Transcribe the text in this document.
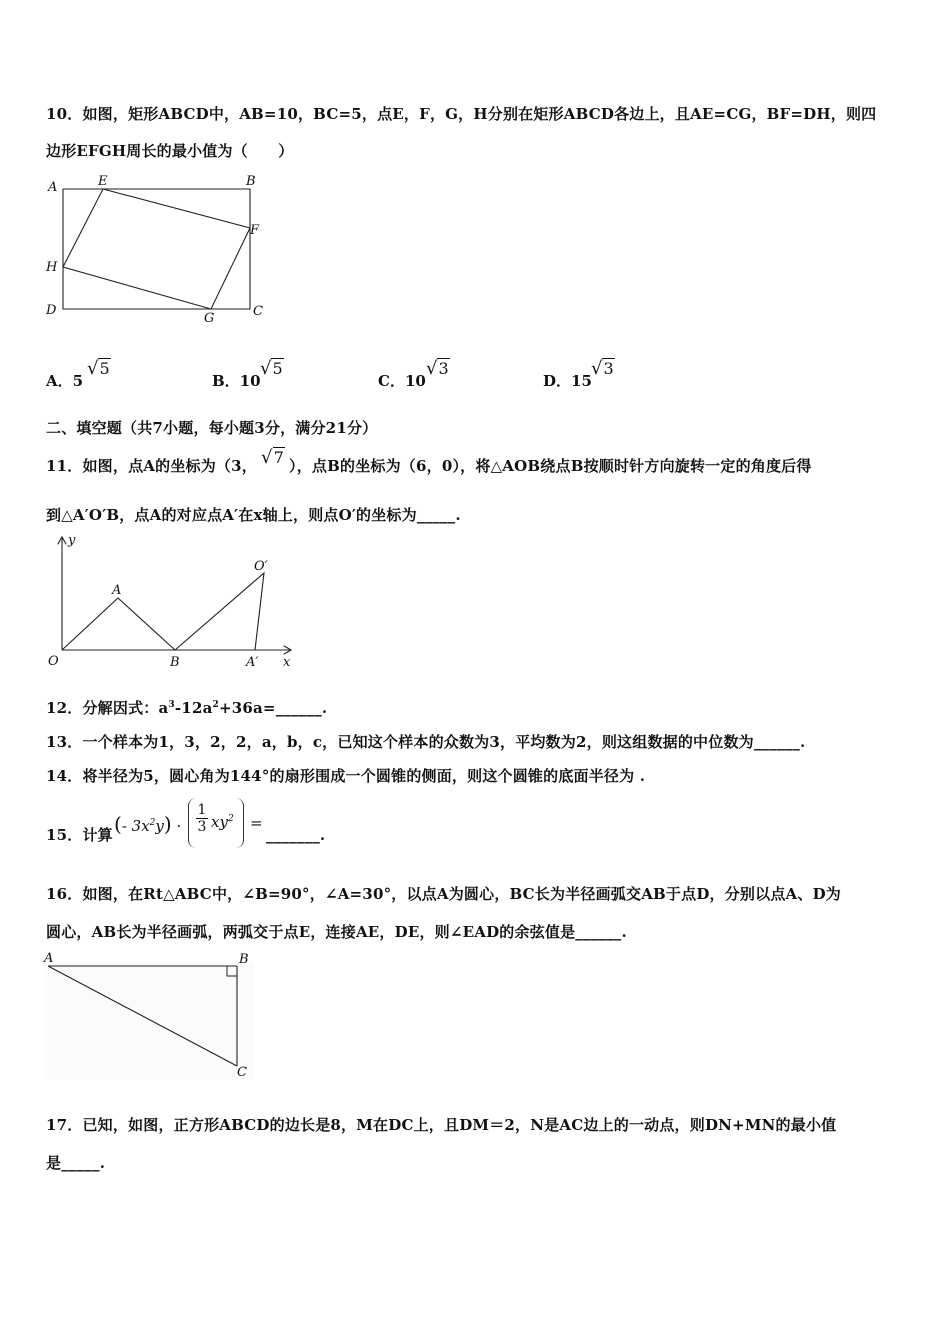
10．如图，矩形ABCD中，AB=10，BC=5，点E，F，G，H分别在矩形ABCD各边上，且AE=CG，BF=DH，则四
边形EFGH周长的最小值为（　　）
A	E	B
F
H
D
G	C
A．5
√5
B．10
√5
C．10
√3
D．15
√3
二、填空题（共7小题，每小题3分，满分21分）
11．如图，点A的坐标为（3， √7 ），点B的坐标为（6，0），将△AOB绕点B按顺时针方向旋转一定的角度后得
到△A′O′B，点A的对应点A′在x轴上，则点O′的坐标为_____.
y
O′
A
O	B	A′ x
12．分解因式：$a^3-12a^2+36a=\_\_\_\_\_\_$.
13．一个样本为1，3，2，2，a，b，c，已知这个样本的众数为3，平均数为2，则这组数据的中位数为______.
14．将半径为5，圆心角为144°的扇形围成一个圆锥的侧面，则这个圆锥的底面半径为 .
15．计算 (- $3x^2y) \cdot \frac{1}{3} xy^2$ =
_______.
16．如图，在Rt△ABC中，∠B=90°，∠A=30°，以点A为圆心，BC长为半径画弧交AB于点D，分别以点A、D为
圆心，AB长为半径画弧，两弧交于点E，连接AE，DE，则∠EAD的余弦值是______.
A	B
C
17．已知，如图，正方形ABCD的边长是8，M在DC上，且DM＝2，N是AC边上的一动点，则DN+MN的最小值
是_____.
